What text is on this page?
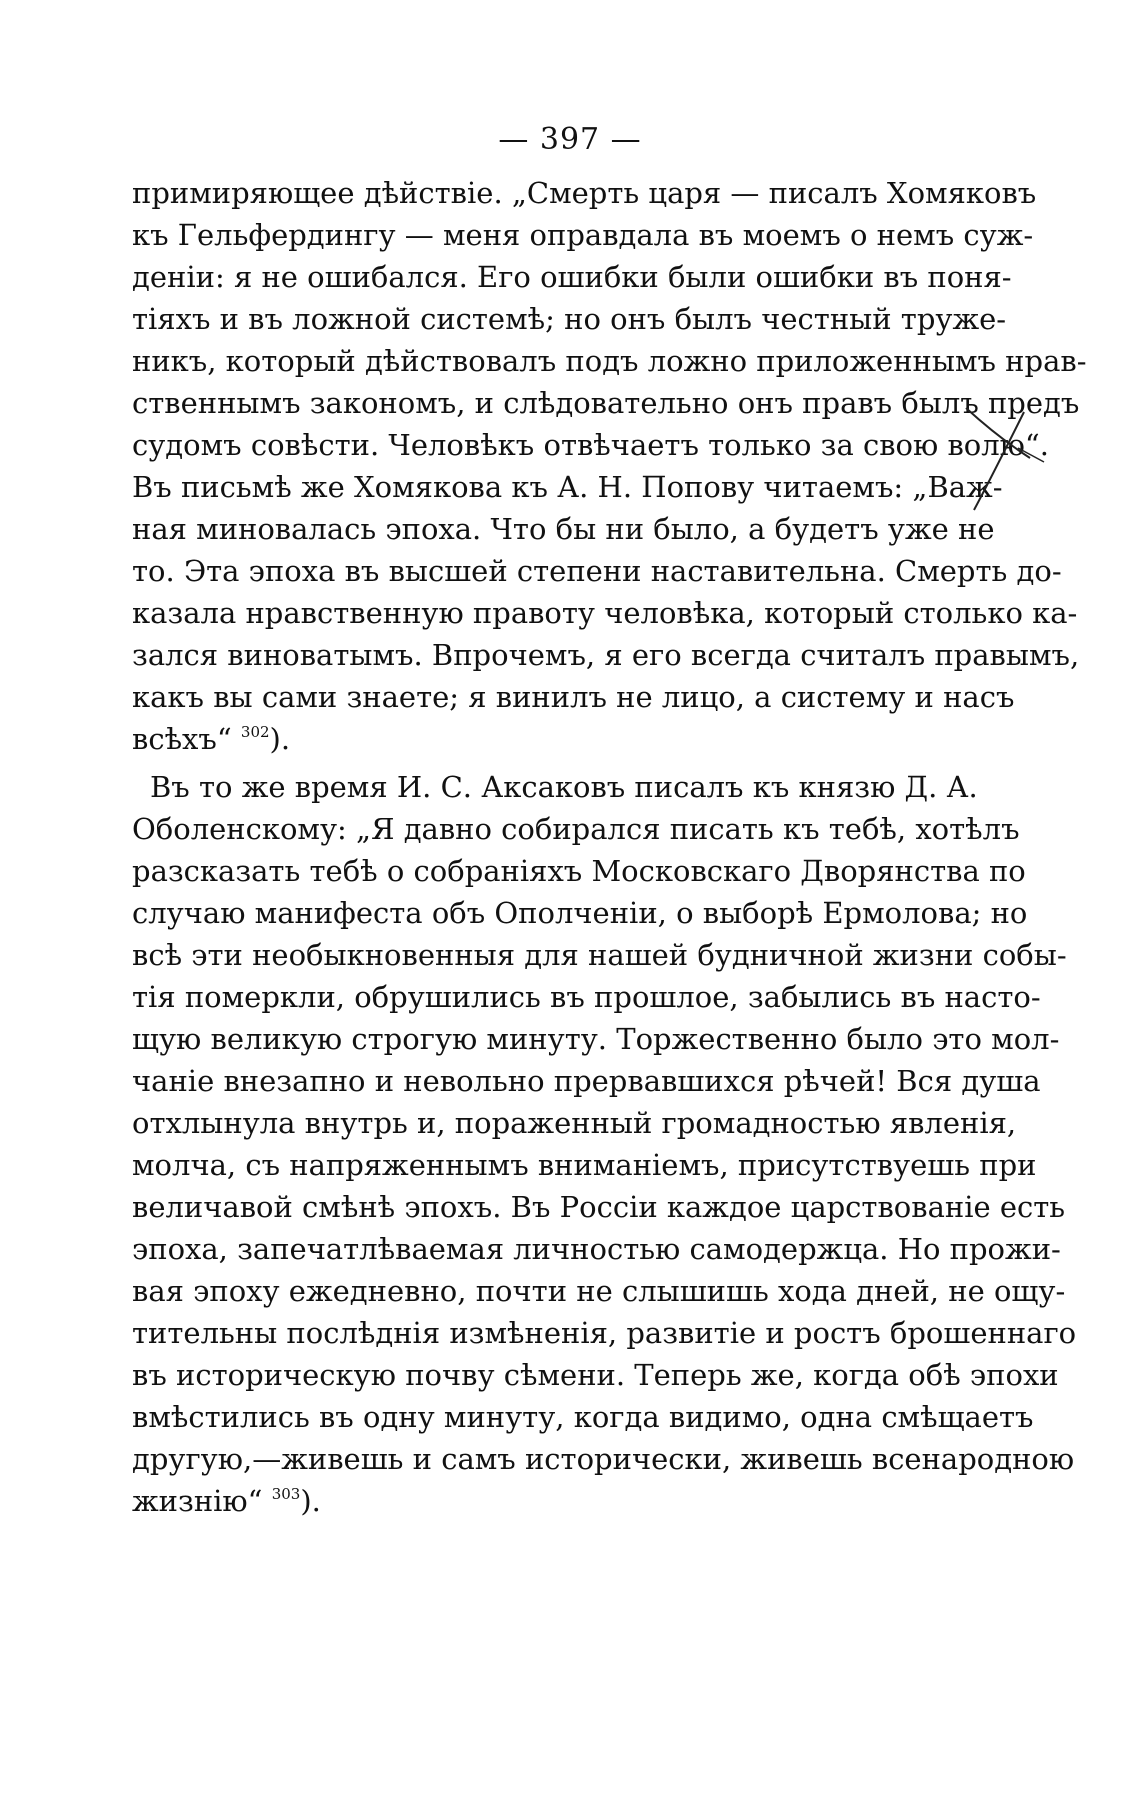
— 397 —
примиряющее дѣйствіе. „Смерть царя — писалъ Хомяковъ
къ Гельфердингу — меня оправдала въ моемъ о немъ суж-
деніи: я не ошибался. Его ошибки были ошибки въ поня-
тіяхъ и въ ложной системѣ; но онъ былъ честный труже-
никъ, который дѣйствовалъ подъ ложно приложеннымъ нрав-
ственнымъ закономъ, и слѣдовательно онъ правъ былъ предъ
судомъ совѣсти. Человѣкъ отвѣчаетъ только за свою волю“.
Въ письмѣ же Хомякова къ А. Н. Попову читаемъ: „Важ-
ная миновалась эпоха. Что бы ни было, а будетъ уже не
то. Эта эпоха въ высшей степени наставительна. Смерть до-
казала нравственную правоту человѣка, который столько ка-
зался виноватымъ. Впрочемъ, я его всегда считалъ правымъ,
какъ вы сами знаете; я винилъ не лицо, а систему и насъ
всѣхъ“ $^{302}$).
Въ то же время И. С. Аксаковъ писалъ къ князю Д. А.
Оболенскому: „Я давно собирался писать къ тебѣ, хотѣлъ
разсказать тебѣ о собраніяхъ Московскаго Дворянства по
случаю манифеста объ Ополченіи, о выборѣ Ермолова; но
всѣ эти необыкновенныя для нашей будничной жизни собы-
тія померкли, обрушились въ прошлое, забылись въ насто-
щую великую строгую минуту. Торжественно было это мол-
чаніе внезапно и невольно прервавшихся рѣчей! Вся душа
отхлынула внутрь и, пораженный громадностью явленія,
молча, съ напряженнымъ вниманіемъ, присутствуешь при
величавой смѣнѣ эпохъ. Въ Россіи каждое царствованіе есть
эпоха, запечатлѣваемая личностью самодержца. Но прожи-
вая эпоху ежедневно, почти не слышишь хода дней, не ощу-
тительны послѣднія измѣненія, развитіе и ростъ брошеннаго
въ историческую почву сѣмени. Теперь же, когда обѣ эпохи
вмѣстились въ одну минуту, когда видимо, одна смѣщаетъ
другую,—живешь и самъ исторически, живешь всенародною
жизнію“ $^{303}$).
